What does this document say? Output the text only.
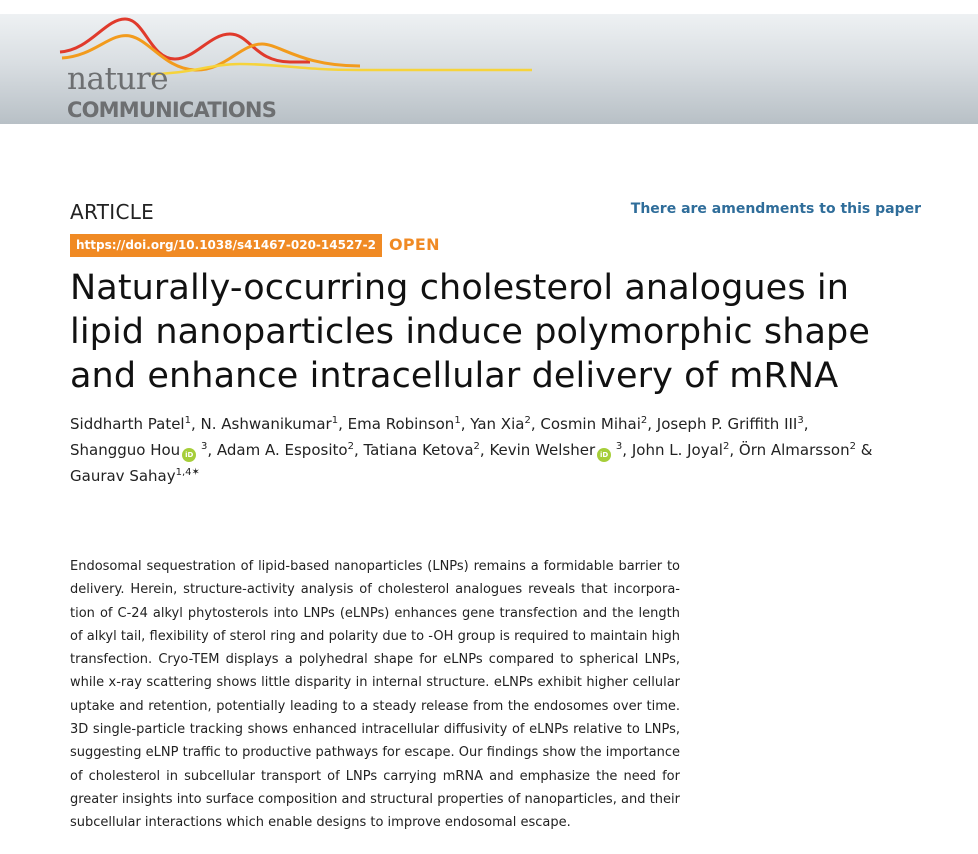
nature
COMMUNICATIONS
ARTICLE	There are amendments to this paper
https://doi.org/10.1038/s41467-020-14527-2 OPEN
Naturally-occurring cholesterol analogues in
lipid nanoparticles induce polymorphic shape
and enhance intracellular delivery of mRNA

Siddharth Patel$^1$, N. Ashwanikumar$^1$, Ema Robinson$^1$, Yan Xia$^2$, Cosmin Mihai$^2$, Joseph P. Griffith III$^3$,
Shangguo Hou iD $^3$, Adam A. Esposito$^2$, Tatiana Ketova$^2$, Kevin Welsher iD $^3$, John L. Joyal$^2$, Örn Almarsson$^2$ &
Gaurav Sahay$^{1,4✶}$

Endosomal sequestration of lipid-based nanoparticles (LNPs) remains a formidable barrier to
delivery. Herein, structure-activity analysis of cholesterol analogues reveals that incorpora-
tion of C-24 alkyl phytosterols into LNPs (eLNPs) enhances gene transfection and the length
of alkyl tail, flexibility of sterol ring and polarity due to -OH group is required to maintain high
transfection. Cryo-TEM displays a polyhedral shape for eLNPs compared to spherical LNPs,
while x-ray scattering shows little disparity in internal structure. eLNPs exhibit higher cellular
uptake and retention, potentially leading to a steady release from the endosomes over time.
3D single-particle tracking shows enhanced intracellular diffusivity of eLNPs relative to LNPs,
suggesting eLNP traffic to productive pathways for escape. Our findings show the importance
of cholesterol in subcellular transport of LNPs carrying mRNA and emphasize the need for
greater insights into surface composition and structural properties of nanoparticles, and their
subcellular interactions which enable designs to improve endosomal escape.
